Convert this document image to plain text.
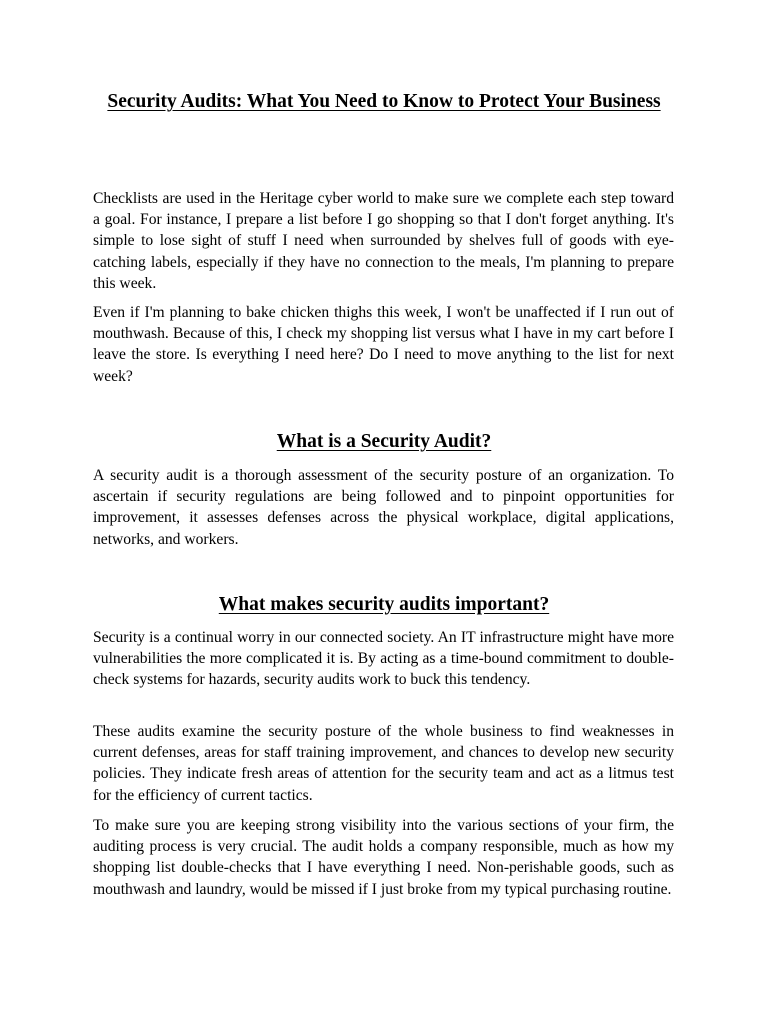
Security Audits: What You Need to Know to Protect Your Business

Checklists are used in the Heritage cyber world to make sure we complete each step toward a goal. For instance, I prepare a list before I go shopping so that I don't forget anything. It's simple to lose sight of stuff I need when surrounded by shelves full of goods with eye-catching labels, especially if they have no connection to the meals, I'm planning to prepare this week.

Even if I'm planning to bake chicken thighs this week, I won't be unaffected if I run out of mouthwash. Because of this, I check my shopping list versus what I have in my cart before I leave the store. Is everything I need here? Do I need to move anything to the list for next week?

What is a Security Audit?

A security audit is a thorough assessment of the security posture of an organization. To ascertain if security regulations are being followed and to pinpoint opportunities for improvement, it assesses defenses across the physical workplace, digital applications, networks, and workers.

What makes security audits important?

Security is a continual worry in our connected society. An IT infrastructure might have more vulnerabilities the more complicated it is. By acting as a time-bound commitment to double-check systems for hazards, security audits work to buck this tendency.

These audits examine the security posture of the whole business to find weaknesses in current defenses, areas for staff training improvement, and chances to develop new security policies. They indicate fresh areas of attention for the security team and act as a litmus test for the efficiency of current tactics.

To make sure you are keeping strong visibility into the various sections of your firm, the auditing process is very crucial. The audit holds a company responsible, much as how my shopping list double-checks that I have everything I need. Non-perishable goods, such as mouthwash and laundry, would be missed if I just broke from my typical purchasing routine.
